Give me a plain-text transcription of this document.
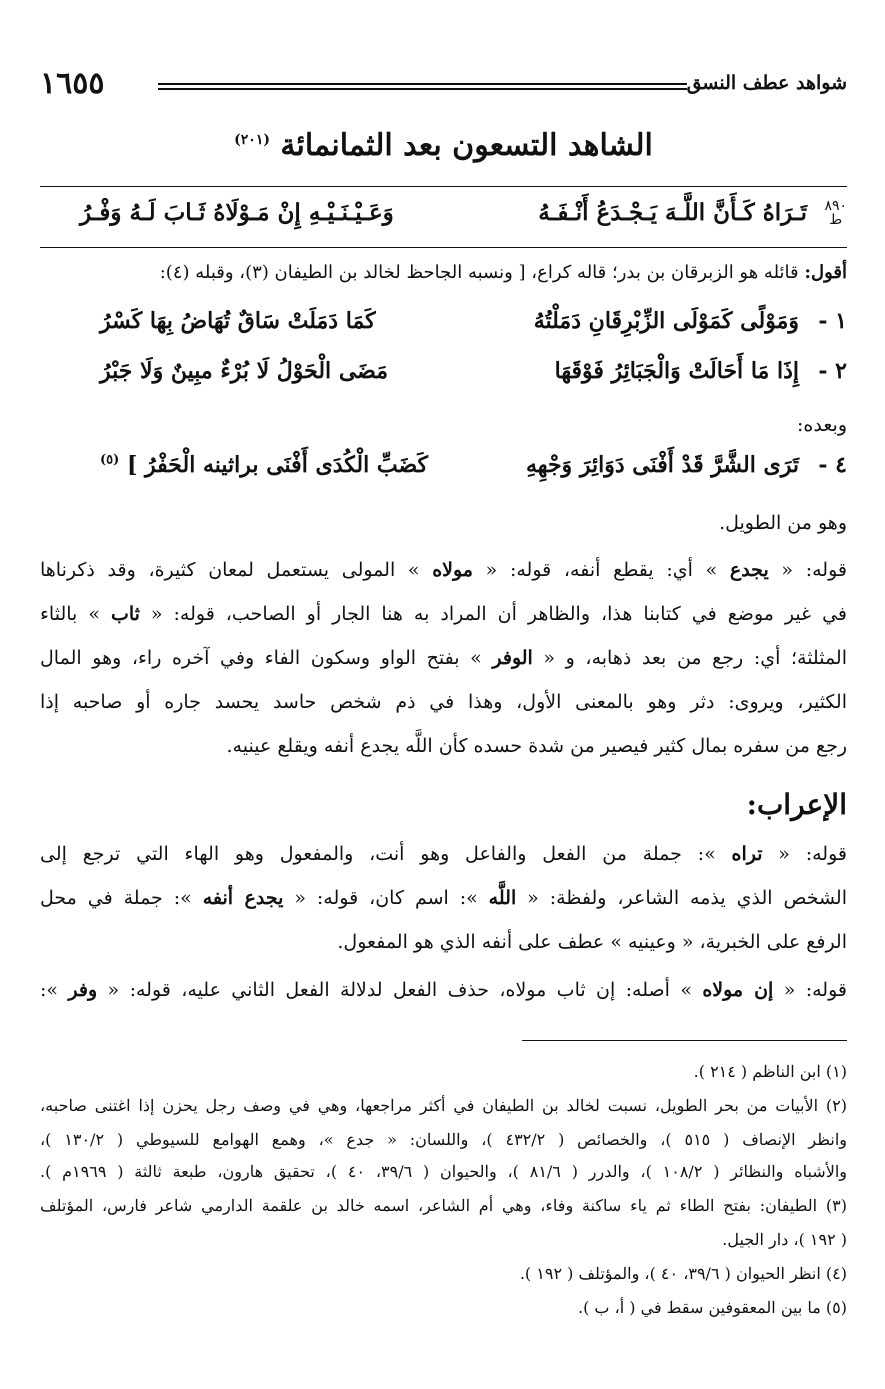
شواهد عطف النسق
١٦٥٥
الشاهد التسعون بعد الثمانمائة $^{(٢٠١)}$
٨٩٠
ط
تَـرَاهُ كَـأَنَّ اللَّـهَ يَـجْـدَعُ أَنْـفَـهُ
وَعَـيْـنَـيْـهِ إِنْ مَـوْلَاهُ ثَـابَ لَـهُ وَفْـرُ
أقول: قائله هو الزبرقان بن بدر؛ قاله كراع، [ ونسبه الجاحظ لخالد بن الطيفان (٣)، وقبله (٤):
١ -
وَمَوْلًى كَمَوْلَى الزِّبْرِقَانِ دَمَلْتُهُ
كَمَا دَمَلَتْ سَاقٌ تُهَاضُ بِهَا كَسْرُ
٢ -
إِذَا مَا أَحَالَتْ وَالْجَبَائِرُ فَوْقَهَا
مَضَى الْحَوْلُ لَا بُرْءٌ مبِينٌ وَلَا جَبْرُ
وبعده:
٤ -
تَرَى الشَّرَّ قَدْ أَفْنَى دَوَائِرَ وَجْهِهِ
كَضَبِّ الْكُدَى أَفْنَى براثينه الْحَفْرُ ] $^{(٥)}$
وهو من الطويل.
قوله: « يجدع » أي: يقطع أنفه، قوله: « مولاه » المولى يستعمل لمعان كثيرة، وقد ذكرناها
في غير موضع في كتابنا هذا، والظاهر أن المراد به هنا الجار أو الصاحب، قوله: « ثاب » بالثاء
المثلثة؛ أي: رجع من بعد ذهابه، و « الوفر » بفتح الواو وسكون الفاء وفي آخره راء، وهو المال
الكثير، ويروى: دثر وهو بالمعنى الأول، وهذا في ذم شخص حاسد يحسد جاره أو صاحبه إذا
رجع من سفره بمال كثير فيصير من شدة حسده كأن اللَّه يجدع أنفه ويقلع عينيه.
الإعراب:
قوله: « تراه »: جملة من الفعل والفاعل وهو أنت، والمفعول وهو الهاء التي ترجع إلى
الشخص الذي يذمه الشاعر، ولفظة: « اللَّه »: اسم كان، قوله: « يجدع أنفه »: جملة في محل
الرفع على الخبرية، « وعينيه » عطف على أنفه الذي هو المفعول.
قوله: « إن مولاه » أصله: إن ثاب مولاه، حذف الفعل لدلالة الفعل الثاني عليه، قوله: « وفر »:
(١) ابن الناظم ( ٢١٤ ).
(٢) الأبيات من بحر الطويل، نسبت لخالد بن الطيفان في أكثر مراجعها، وهي في وصف رجل يحزن إذا اغتنى صاحبه،
وانظر الإنصاف ( ٥١٥ )، والخصائص ( ٤٣٢/٢ )، واللسان: « جدع »، وهمع الهوامع للسيوطي ( ١٣٠/٢ )،
والأشباه والنظائر ( ١٠٨/٢ )، والدرر ( ٨١/٦ )، والحيوان ( ٣٩/٦، ٤٠ )، تحقيق هارون، طبعة ثالثة ( ١٩٦٩م ).
(٣) الطيفان: بفتح الطاء ثم ياء ساكنة وفاء، وهي أم الشاعر، اسمه خالد بن علقمة الدارمي شاعر فارس، المؤتلف
( ١٩٢ )، دار الجيل.
(٤) انظر الحيوان ( ٣٩/٦، ٤٠ )، والمؤتلف ( ١٩٢ ).
(٥) ما بين المعقوفين سقط في ( أ، ب ).
